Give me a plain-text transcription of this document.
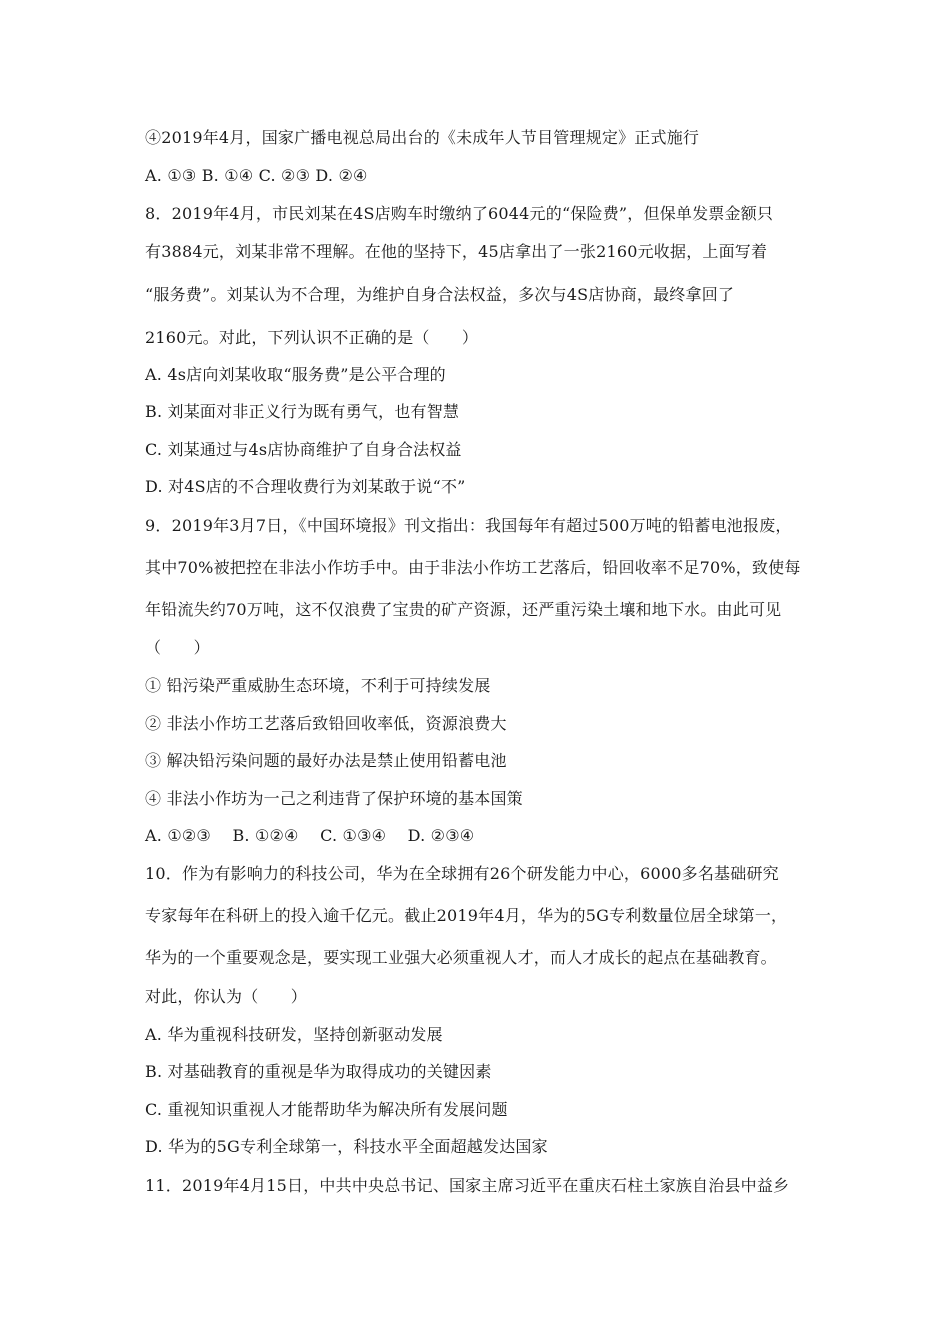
④2019年4月，国家广播电视总局出台的《未成年人节目管理规定》正式施行
A. ①③ B. ①④ C. ②③ D. ②④
8．2019年4月，市民刘某在4S店购车时缴纳了6044元的“保险费”，但保单发票金额只
有3884元，刘某非常不理解。在他的坚持下，45店拿出了一张2160元收据，上面写着
“服务费”。刘某认为不合理，为维护自身合法权益，多次与4S店协商，最终拿回了
2160元。对此，下列认识不正确的是（　　）
A. 4s店向刘某收取“服务费”是公平合理的
B. 刘某面对非正义行为既有勇气，也有智慧
C. 刘某通过与4s店协商维护了自身合法权益
D. 对4S店的不合理收费行为刘某敢于说“不”
9．2019年3月7日，《中国环境报》刊文指出：我国每年有超过500万吨的铅蓄电池报废，
其中70%被把控在非法小作坊手中。由于非法小作坊工艺落后，铅回收率不足70%，致使每
年铅流失约70万吨，这不仅浪费了宝贵的矿产资源，还严重污染土壤和地下水。由此可见
（　　）
① 铅污染严重威胁生态环境，不利于可持续发展
② 非法小作坊工艺落后致铅回收率低，资源浪费大
③ 解决铅污染问题的最好办法是禁止使用铅蓄电池
④ 非法小作坊为一己之利违背了保护环境的基本国策
A. ①②③　 B. ①②④　 C. ①③④　 D. ②③④
10．作为有影响力的科技公司，华为在全球拥有26个研发能力中心，6000多名基础研究
专家每年在科研上的投入逾千亿元。截止2019年4月，华为的5G专利数量位居全球第一，
华为的一个重要观念是，要实现工业强大必须重视人才，而人才成长的起点在基础教育。
对此，你认为（　　）
A. 华为重视科技研发，坚持创新驱动发展
B. 对基础教育的重视是华为取得成功的关键因素
C. 重视知识重视人才能帮助华为解决所有发展问题
D. 华为的5G专利全球第一，科技水平全面超越发达国家
11．2019年4月15日，中共中央总书记、国家主席习近平在重庆石柱土家族自治县中益乡
